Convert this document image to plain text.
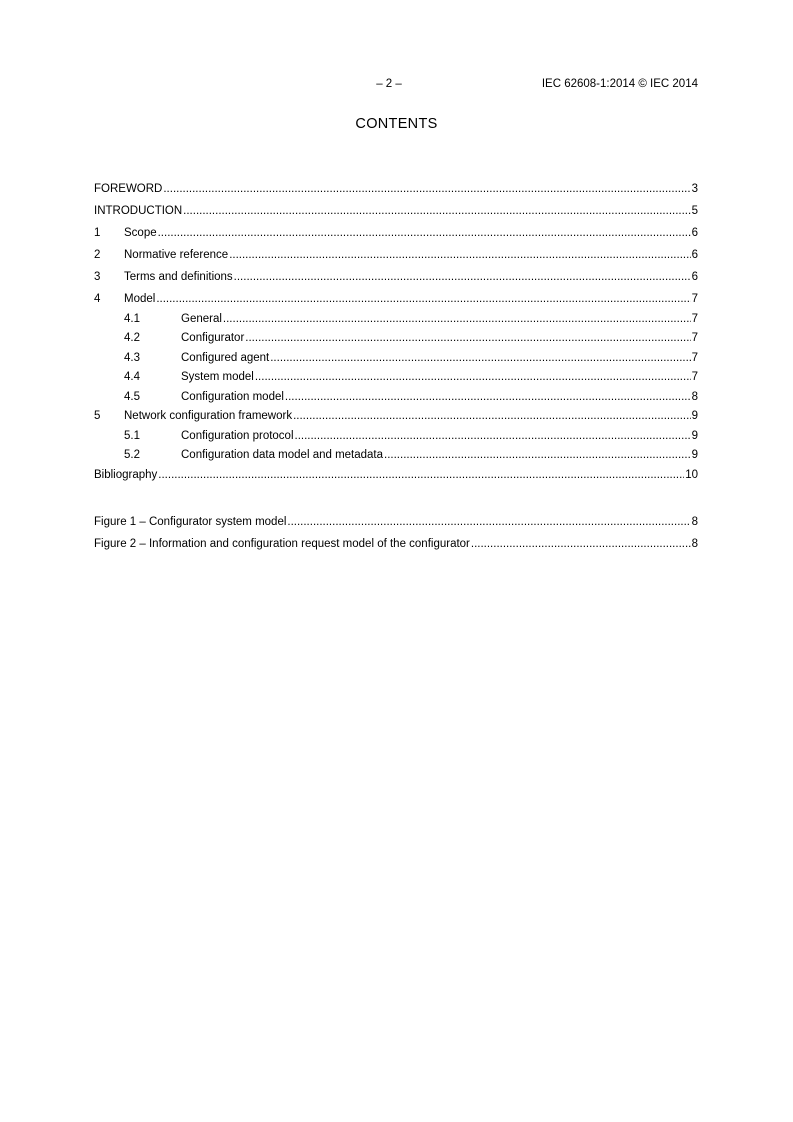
– 2 –	IEC 62608-1:2014 © IEC 2014
CONTENTS
FOREWORD .....	3
INTRODUCTION .....	5
1	Scope .....	6
2	Normative reference .....	6
3	Terms and definitions .....	6
4	Model .....	7
4.1	General .....	7
4.2	Configurator .....	7
4.3	Configured agent .....	7
4.4	System model .....	7
4.5	Configuration model .....	8
5	Network configuration framework .....	9
5.1	Configuration protocol .....	9
5.2	Configuration data model and metadata .....	9
Bibliography .....	10
Figure 1 – Configurator system model .....	8
Figure 2 – Information and configuration request model of the configurator .....	8
